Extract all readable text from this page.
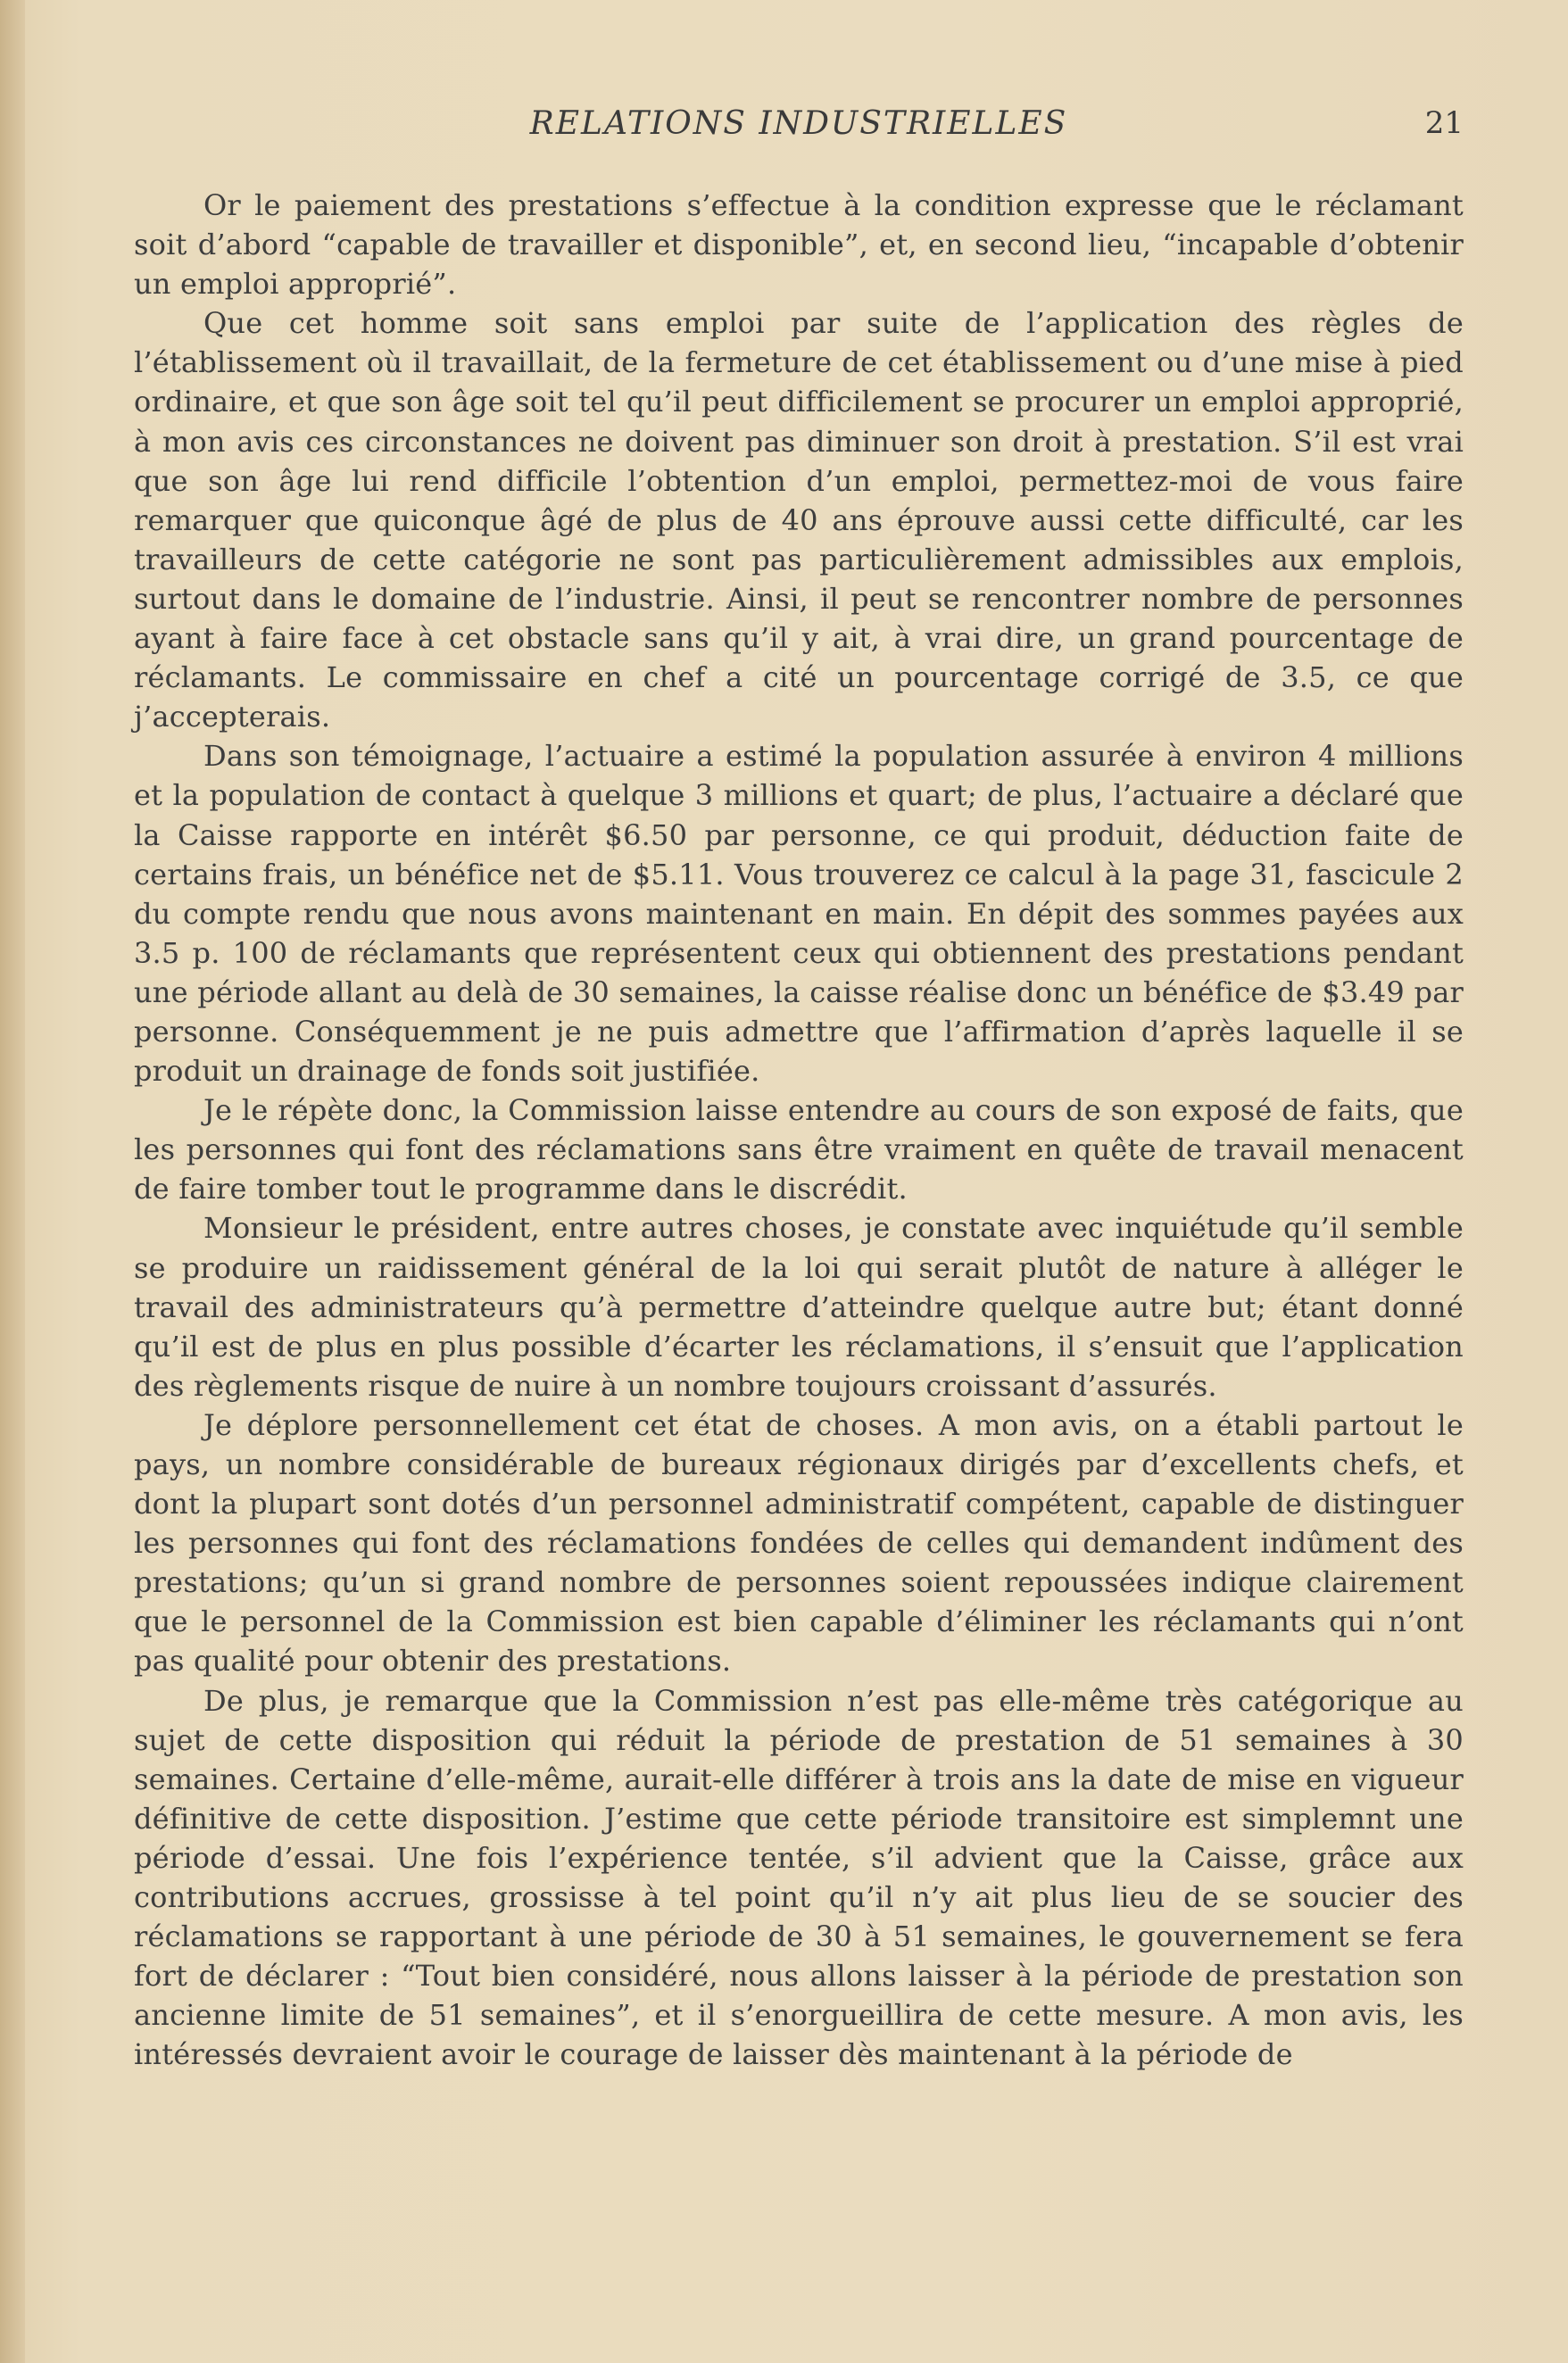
RELATIONS INDUSTRIELLES	21

Or le paiement des prestations s’effectue à la condition expresse que le réclamant soit d’abord “capable de travailler et disponible”, et, en second lieu, “incapable d’obtenir un emploi approprié”.

Que cet homme soit sans emploi par suite de l’application des règles de l’établissement où il travaillait, de la fermeture de cet établissement ou d’une mise à pied ordinaire, et que son âge soit tel qu’il peut difficilement se procurer un emploi approprié, à mon avis ces circonstances ne doivent pas diminuer son droit à prestation. S’il est vrai que son âge lui rend difficile l’obtention d’un emploi, permettez-moi de vous faire remarquer que quiconque âgé de plus de 40 ans éprouve aussi cette difficulté, car les travailleurs de cette catégorie ne sont pas particulièrement admissibles aux emplois, surtout dans le domaine de l’industrie. Ainsi, il peut se rencontrer nombre de personnes ayant à faire face à cet obstacle sans qu’il y ait, à vrai dire, un grand pourcentage de réclamants. Le commissaire en chef a cité un pourcentage corrigé de 3.5, ce que j’accepterais.

Dans son témoignage, l’actuaire a estimé la population assurée à environ 4 millions et la population de contact à quelque 3 millions et quart; de plus, l’actuaire a déclaré que la Caisse rapporte en intérêt $6.50 par personne, ce qui produit, déduction faite de certains frais, un bénéfice net de $5.11. Vous trouverez ce calcul à la page 31, fascicule 2 du compte rendu que nous avons maintenant en main. En dépit des sommes payées aux 3.5 p. 100 de réclamants que représentent ceux qui obtiennent des prestations pendant une période allant au delà de 30 semaines, la caisse réalise donc un bénéfice de $3.49 par personne. Conséquemment je ne puis admettre que l’affirmation d’après laquelle il se produit un drainage de fonds soit justifiée.

Je le répète donc, la Commission laisse entendre au cours de son exposé de faits, que les personnes qui font des réclamations sans être vraiment en quête de travail menacent de faire tomber tout le programme dans le discrédit.

Monsieur le président, entre autres choses, je constate avec inquiétude qu’il semble se produire un raidissement général de la loi qui serait plutôt de nature à alléger le travail des administrateurs qu’à permettre d’atteindre quelque autre but; étant donné qu’il est de plus en plus possible d’écarter les réclamations, il s’ensuit que l’application des règlements risque de nuire à un nombre toujours croissant d’assurés.

Je déplore personnellement cet état de choses. A mon avis, on a établi partout le pays, un nombre considérable de bureaux régionaux dirigés par d’excellents chefs, et dont la plupart sont dotés d’un personnel administratif compétent, capable de distinguer les personnes qui font des réclamations fondées de celles qui demandent indûment des prestations; qu’un si grand nombre de personnes soient repoussées indique clairement que le personnel de la Commission est bien capable d’éliminer les réclamants qui n’ont pas qualité pour obtenir des prestations.

De plus, je remarque que la Commission n’est pas elle-même très catégorique au sujet de cette disposition qui réduit la période de prestation de 51 semaines à 30 semaines. Certaine d’elle-même, aurait-elle différer à trois ans la date de mise en vigueur définitive de cette disposition. J’estime que cette période transitoire est simplemnt une période d’essai. Une fois l’expérience tentée, s’il advient que la Caisse, grâce aux contributions accrues, grossisse à tel point qu’il n’y ait plus lieu de se soucier des réclamations se rapportant à une période de 30 à 51 semaines, le gouvernement se fera fort de déclarer : “Tout bien considéré, nous allons laisser à la période de prestation son ancienne limite de 51 semaines”, et il s’enorgueillira de cette mesure. A mon avis, les intéressés devraient avoir le courage de laisser dès maintenant à la période de
